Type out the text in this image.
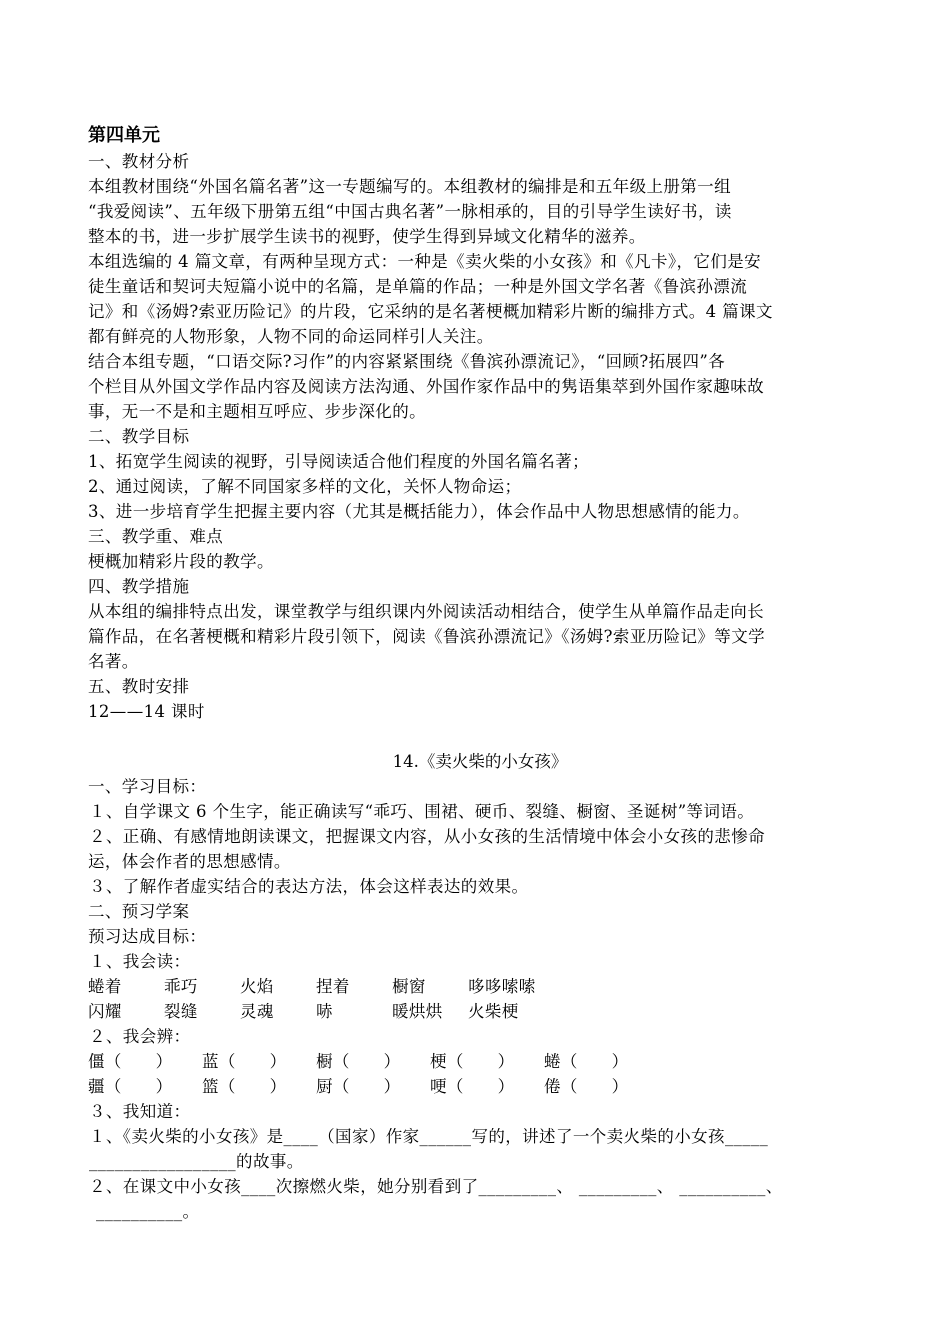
第四单元
一、教材分析
本组教材围绕“外国名篇名著”这一专题编写的。本组教材的编排是和五年级上册第一组
“我爱阅读”、五年级下册第五组“中国古典名著”一脉相承的，目的引导学生读好书，读
整本的书，进一步扩展学生读书的视野，使学生得到异域文化精华的滋养。
本组选编的 4 篇文章，有两种呈现方式：一种是《卖火柴的小女孩》和《凡卡》，它们是安
徒生童话和契诃夫短篇小说中的名篇，是单篇的作品；一种是外国文学名著《鲁滨孙漂流
记》和《汤姆?索亚历险记》的片段，它采纳的是名著梗概加精彩片断的编排方式。4 篇课文
都有鲜亮的人物形象，人物不同的命运同样引人关注。
结合本组专题，“口语交际?习作”的内容紧紧围绕《鲁滨孙漂流记》，“回顾?拓展四”各
个栏目从外国文学作品内容及阅读方法沟通、外国作家作品中的隽语集萃到外国作家趣味故
事，无一不是和主题相互呼应、步步深化的。
二、教学目标
1、拓宽学生阅读的视野，引导阅读适合他们程度的外国名篇名著；
2、通过阅读，了解不同国家多样的文化，关怀人物命运；
3、进一步培育学生把握主要内容（尤其是概括能力），体会作品中人物思想感情的能力。
三、教学重、难点
梗概加精彩片段的教学。
四、教学措施
从本组的编排特点出发，课堂教学与组织课内外阅读活动相结合，使学生从单篇作品走向长
篇作品，在名著梗概和精彩片段引领下，阅读《鲁滨孙漂流记》《汤姆?索亚历险记》等文学
名著。
五、教时安排
12——14 课时
14.《卖火柴的小女孩》
一、学习目标：
１、自学课文 6 个生字，能正确读写“乖巧、围裙、硬币、裂缝、橱窗、圣诞树”等词语。
２、正确、有感情地朗读课文，把握课文内容，从小女孩的生活情境中体会小女孩的悲惨命
运，体会作者的思想感情。
３、了解作者虚实结合的表达方法，体会这样表达的效果。
二、预习学案
预习达成目标：
１、我会读：
蜷着	乖巧	火焰	捏着	橱窗	哆哆嗦嗦
闪耀	裂缝	灵魂	哧	暖烘烘 火柴梗
２、我会辨：
僵（　　） 蓝（　　） 橱（　　） 梗（　　） 蜷（　　）
疆（　　） 篮（　　） 厨（　　） 哽（　　） 倦（　　）
３、我知道：
１、《卖火柴的小女孩》是____（国家）作家______写的，讲述了一个卖火柴的小女孩_____
_________________的故事。
２、在课文中小女孩____次擦燃火柴，她分别看到了_________、 _________、 __________、
__________。
